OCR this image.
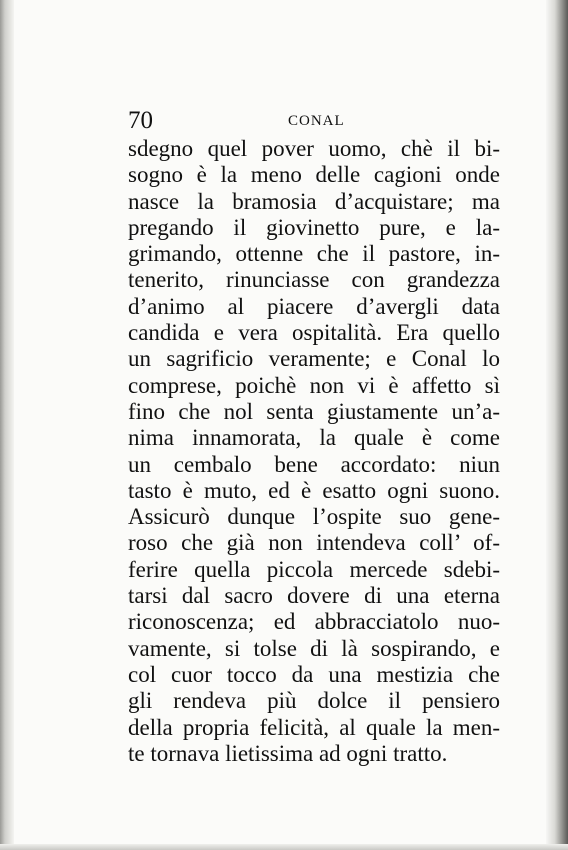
70	CONAL
sdegno quel pover uomo, chè il bi-
sogno è la meno delle cagioni onde
nasce la bramosia d’acquistare; ma
pregando il giovinetto pure, e la-
grimando, ottenne che il pastore, in-
tenerito, rinunciasse con grandezza
d’animo al piacere d’avergli data
candida e vera ospitalità. Era quello
un sagrificio veramente; e Conal lo
comprese, poichè non vi è affetto sì
fino che nol senta giustamente un’a-
nima innamorata, la quale è come
un cembalo bene accordato: niun
tasto è muto, ed è esatto ogni suono.
Assicurò dunque l’ospite suo gene-
roso che già non intendeva coll’ of-
ferire quella piccola mercede sdebi-
tarsi dal sacro dovere di una eterna
riconoscenza; ed abbracciatolo nuo-
vamente, si tolse di là sospirando, e
col cuor tocco da una mestizia che
gli rendeva più dolce il pensiero
della propria felicità, al quale la men-
te tornava lietissima ad ogni tratto.
